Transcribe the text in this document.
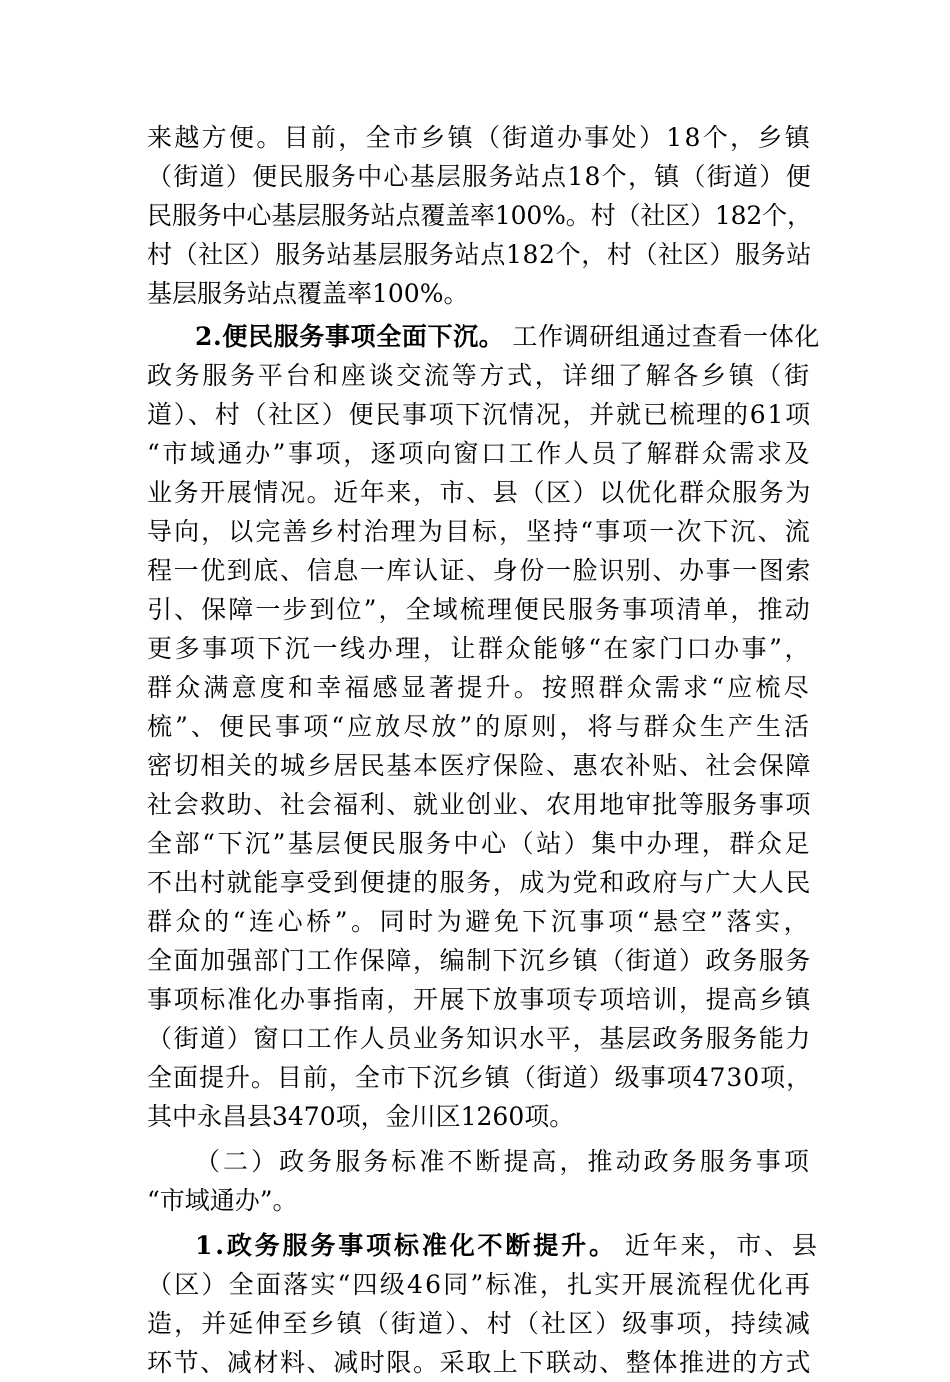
来越方便。目前，全市乡镇（街道办事处）18个，乡镇
（街道）便民服务中心基层服务站点18个，镇（街道）便
民服务中心基层服务站点覆盖率100%。村（社区）182个，
村（社区）服务站基层服务站点182个，村（社区）服务站
基层服务站点覆盖率100%。
2.便民服务事项全面下沉。 工作调研组通过查看一体化
政务服务平台和座谈交流等方式，详细了解各乡镇（街
道）、村（社区）便民事项下沉情况，并就已梳理的61项
“市域通办”事项，逐项向窗口工作人员了解群众需求及
业务开展情况。近年来，市、县（区）以优化群众服务为
导向，以完善乡村治理为目标，坚持“事项一次下沉、流
程一优到底、信息一库认证、身份一脸识别、办事一图索
引、保障一步到位”，全域梳理便民服务事项清单，推动
更多事项下沉一线办理，让群众能够“在家门口办事”，
群众满意度和幸福感显著提升。按照群众需求“应梳尽
梳”、便民事项“应放尽放”的原则，将与群众生产生活
密切相关的城乡居民基本医疗保险、惠农补贴、社会保障
社会救助、社会福利、就业创业、农用地审批等服务事项
全部“下沉”基层便民服务中心（站）集中办理，群众足
不出村就能享受到便捷的服务，成为党和政府与广大人民
群众的“连心桥”。同时为避免下沉事项“悬空”落实，
全面加强部门工作保障，编制下沉乡镇（街道）政务服务
事项标准化办事指南，开展下放事项专项培训，提高乡镇
（街道）窗口工作人员业务知识水平，基层政务服务能力
全面提升。目前，全市下沉乡镇（街道）级事项4730项，
其中永昌县3470项，金川区1260项。
（二）政务服务标准不断提高，推动政务服务事项
“市域通办”。
1.政务服务事项标准化不断提升。 近年来，市、县
（区）全面落实“四级46同”标准，扎实开展流程优化再
造，并延伸至乡镇（街道）、村（社区）级事项，持续减
环节、减材料、减时限。采取上下联动、整体推进的方式
